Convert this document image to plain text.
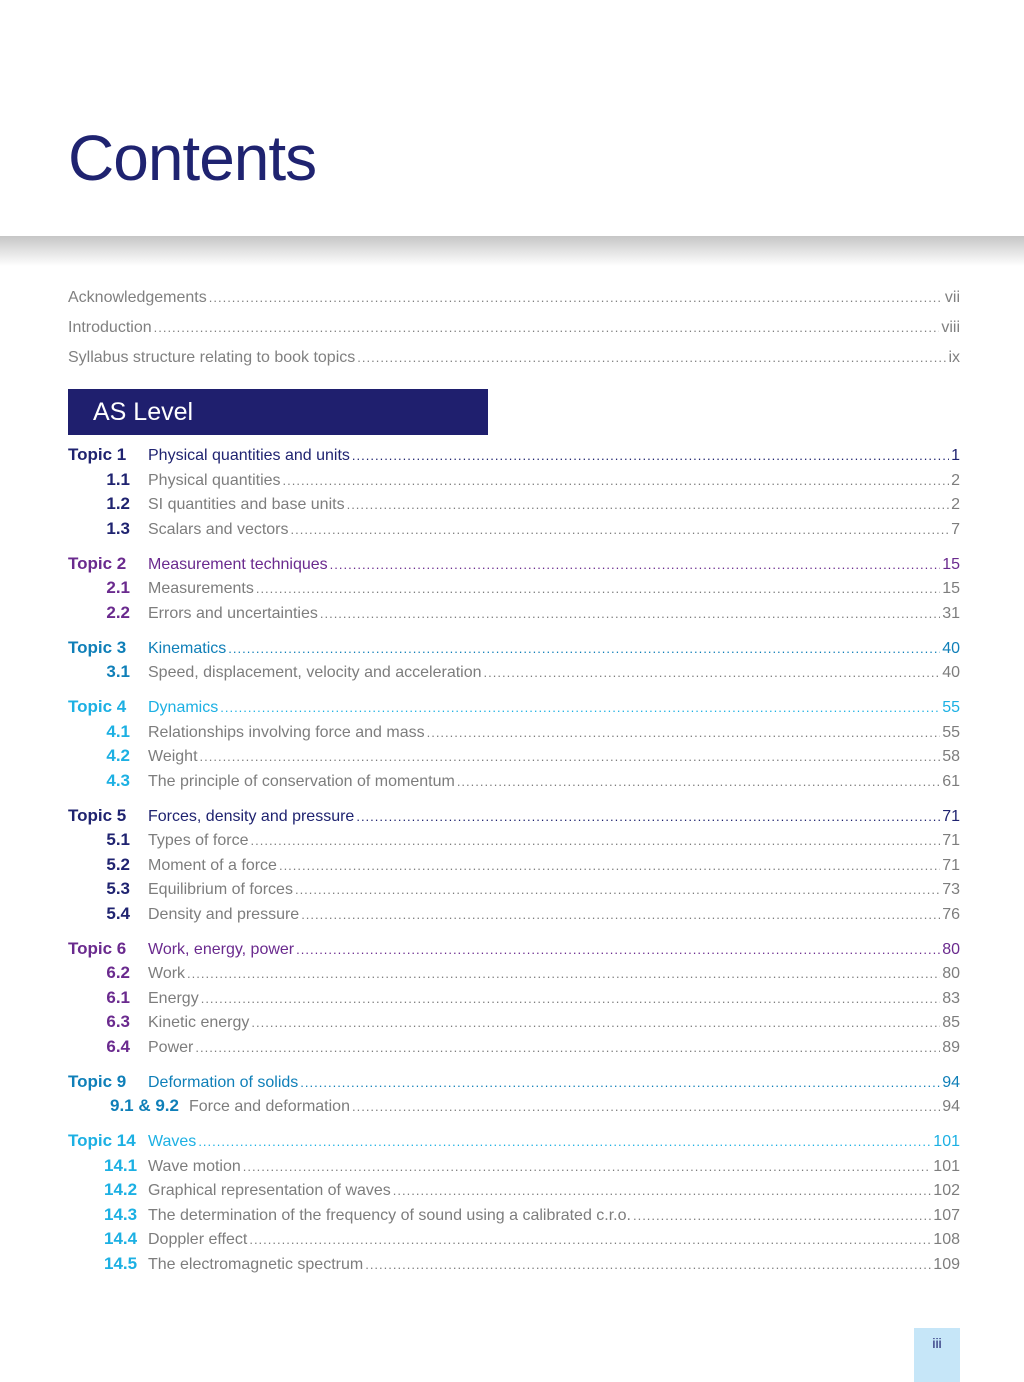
Contents
Acknowledgements .....	vii
Introduction .....	viii
Syllabus structure relating to book topics .....	ix
AS Level
Topic 1	Physical quantities and units .....	1
1.1	Physical quantities .....	2
1.2	SI quantities and base units .....	2
1.3	Scalars and vectors .....	7
Topic 2	Measurement techniques .....	15
2.1	Measurements .....	15
2.2	Errors and uncertainties .....	31
Topic 3	Kinematics .....	40
3.1	Speed, displacement, velocity and acceleration .....	40
Topic 4	Dynamics .....	55
4.1	Relationships involving force and mass .....	55
4.2	Weight .....	58
4.3	The principle of conservation of momentum .....	61
Topic 5	Forces, density and pressure .....	71
5.1	Types of force .....	71
5.2	Moment of a force .....	71
5.3	Equilibrium of forces .....	73
5.4	Density and pressure .....	76
Topic 6	Work, energy, power .....	80
6.2	Work .....	80
6.1	Energy .....	83
6.3	Kinetic energy .....	85
6.4	Power .....	89
Topic 9	Deformation of solids .....	94
9.1 & 9.2 Force and deformation .....	94
Topic 14 Waves .....	101
14.1 Wave motion .....	101
14.2 Graphical representation of waves .....	102
14.3 The determination of the frequency of sound using a calibrated c.r.o. .....	107
14.4 Doppler effect .....	108
14.5 The electromagnetic spectrum .....	109
iii
